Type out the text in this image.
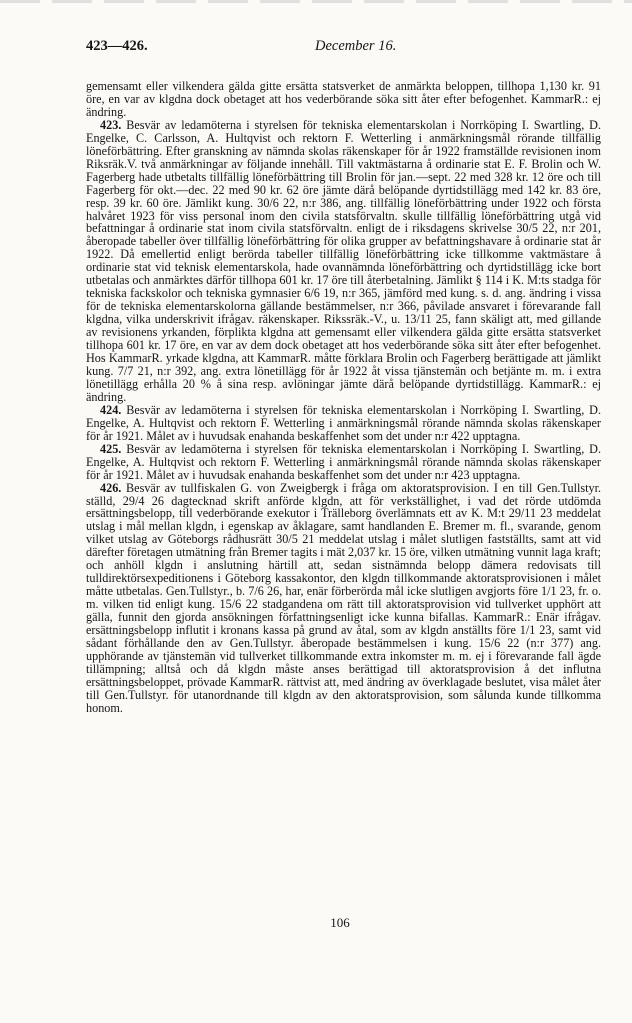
423—426.	December 16.

gemensamt eller vilkendera gälda gitte ersätta statsverket de anmärkta beloppen, tillhopa 1,130 kr. 91 öre, en var av klgdna dock obetaget att hos vederbörande söka sitt åter efter befogenhet. KammarR.: ej ändring.

423. Besvär av ledamöterna i styrelsen för tekniska elementarskolan i Norrköping I. Swartling, D. Engelke, C. Carlsson, A. Hultqvist och rektorn F. Wetterling i anmärkningsmål rörande tillfällig löneförbättring. Efter granskning av nämnda skolas räkenskaper för år 1922 framställde revisionen inom Riksräk.V. två anmärkningar av följande innehåll. Till vaktmästarna å ordinarie stat E. F. Brolin och W. Fagerberg hade utbetalts tillfällig löneförbättring till Brolin för jan.—sept. 22 med 328 kr. 12 öre och till Fagerberg för okt.—dec. 22 med 90 kr. 62 öre jämte därå belöpande dyrtidstillägg med 142 kr. 83 öre, resp. 39 kr. 60 öre. Jämlikt kung. 30/6 22, n:r 386, ang. tillfällig löneförbättring under 1922 och första halvåret 1923 för viss personal inom den civila statsförvaltn. skulle tillfällig löneförbättring utgå vid befattningar å ordinarie stat inom civila statsförvaltn. enligt de i riksdagens skrivelse 30/5 22, n:r 201, åberopade tabeller över tillfällig löneförbättring för olika grupper av befattningshavare å ordinarie stat år 1922. Då emellertid enligt berörda tabeller tillfällig löneförbättring icke tillkomme vaktmästare å ordinarie stat vid teknisk elementarskola, hade ovannämnda löneförbättring och dyrtidstillägg icke bort utbetalas och anmärktes därför tillhopa 601 kr. 17 öre till återbetalning. Jämlikt § 114 i K. M:ts stadga för tekniska fackskolor och tekniska gymnasier 6/6 19, n:r 365, jämförd med kung. s. d. ang. ändring i vissa för de tekniska elementarskolorna gällande bestämmelser, n:r 366, påvilade ansvaret i förevarande fall klgdna, vilka underskrivit ifrågav. räkenskaper. Rikssräk.-V., u. 13/11 25, fann skäligt att, med gillande av revisionens yrkanden, förplikta klgdna att gemensamt eller vilkendera gälda gitte ersätta statsverket tillhopa 601 kr. 17 öre, en var av dem dock obetaget att hos vederbörande söka sitt åter efter befogenhet. Hos KammarR. yrkade klgdna, att KammarR. måtte förklara Brolin och Fagerberg berättigade att jämlikt kung. 7/7 21, n:r 392, ang. extra lönetillägg för år 1922 åt vissa tjänstemän och betjänte m. m. i extra lönetillägg erhålla 20 % å sina resp. avlöningar jämte därå belöpande dyrtidstillägg. KammarR.: ej ändring.

424. Besvär av ledamöterna i styrelsen för tekniska elementarskolan i Norrköping I. Swartling, D. Engelke, A. Hultqvist och rektorn F. Wetterling i anmärkningsmål rörande nämnda skolas räkenskaper för år 1921. Målet av i huvudsak enahanda beskaffenhet som det under n:r 422 upptagna.

425. Besvär av ledamöterna i styrelsen för tekniska elementarskolan i Norrköping I. Swartling, D. Engelke, A. Hultqvist och rektorn F. Wetterling i anmärkningsmål rörande nämnda skolas räkenskaper för år 1921. Målet av i huvudsak enahanda beskaffenhet som det under n:r 423 upptagna.

426. Besvär av tullfiskalen G. von Zweigbergk i fråga om aktoratsprovision. I en till Gen.Tullstyr. ställd, 29/4 26 dagtecknad skrift anförde klgdn, att för verkställighet, i vad det rörde utdömda ersättningsbelopp, till vederbörande exekutor i Trälleborg överlämnats ett av K. M:t 29/11 23 meddelat utslag i mål mellan klgdn, i egenskap av åklagare, samt handlanden E. Bremer m. fl., svarande, genom vilket utslag av Göteborgs rådhusrätt 30/5 21 meddelat utslag i målet slutligen fastställts, samt att vid därefter företagen utmätning från Bremer tagits i mät 2,037 kr. 15 öre, vilken utmätning vunnit laga kraft; och anhöll klgdn i anslutning härtill att, sedan sistnämnda belopp dämera redovisats till tulldirektörsexpeditionens i Göteborg kassakontor, den klgdn tillkommande aktoratsprovisionen i målet måtte utbetalas. Gen.Tullstyr., b. 7/6 26, har, enär förberörda mål icke slutligen avgjorts före 1/1 23, fr. o. m. vilken tid enligt kung. 15/6 22 stadgandena om rätt till aktoratsprovision vid tullverket upphört att gälla, funnit den gjorda ansökningen författningsenligt icke kunna bifallas. KammarR.: Enär ifrågav. ersättningsbelopp influtit i kronans kassa på grund av åtal, som av klgdn anställts före 1/1 23, samt vid sådant förhållande den av Gen.Tullstyr. åberopade bestämmelsen i kung. 15/6 22 (n:r 377) ang. upphörande av tjänstemän vid tullverket tillkommande extra inkomster m. m. ej i förevarande fall ägde tillämpning; alltså och då klgdn måste anses berättigad till aktoratsprovision å det influtna ersättningsbeloppet, prövade KammarR. rättvist att, med ändring av överklagade beslutet, visa målet åter till Gen.Tullstyr. för utanordnande till klgdn av den aktoratsprovision, som sålunda kunde tillkomma honom.

106
